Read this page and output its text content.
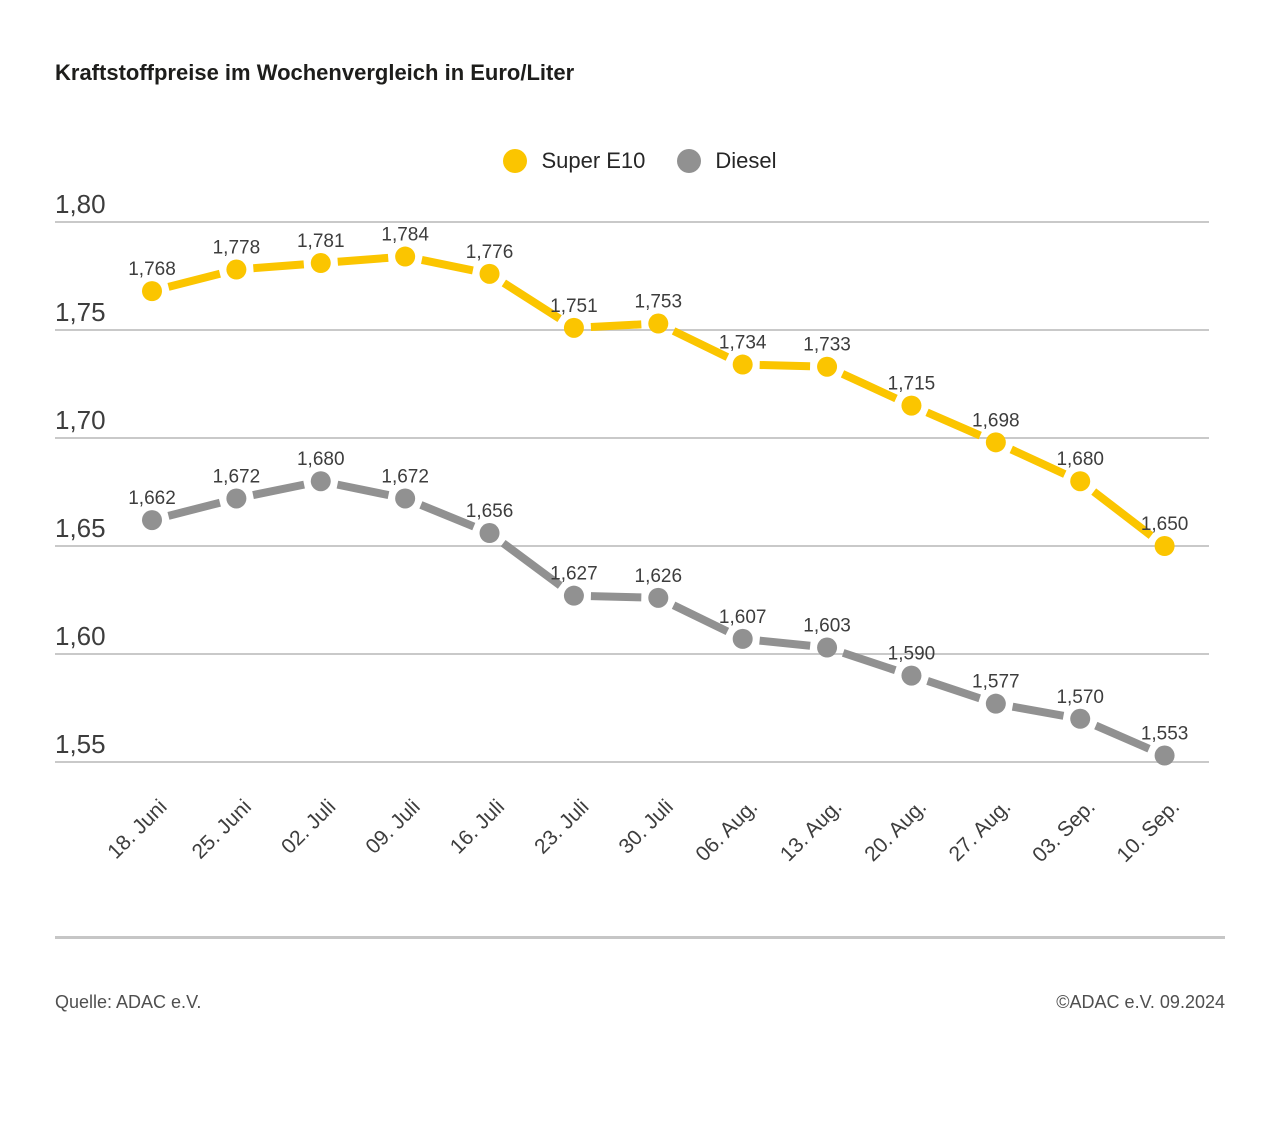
Kraftstoffpreise im Wochenvergleich in Euro/Liter
Super E10	Diesel
1,80
1,75
1,70
1,65
1,60
1,55
18. Juni 25. Juni 02. Juli 09. Juli 16. Juli 23. Juli 30. Juli 06. Aug. 13. Aug. 20. Aug. 27. Aug. 03. Sep. 10. Sep.
1,768
1,778 1,781 1,784
1,776
1,751 1,753
1,734 1,733
1,715
1,698
1,680
1,650
1,662
1,672
1,680
1,672
1,656
1,627 1,626
1,607 1,603
1,590
1,577
1,570
1,553
Quelle: ADAC e.V.	©ADAC e.V. 09.2024
